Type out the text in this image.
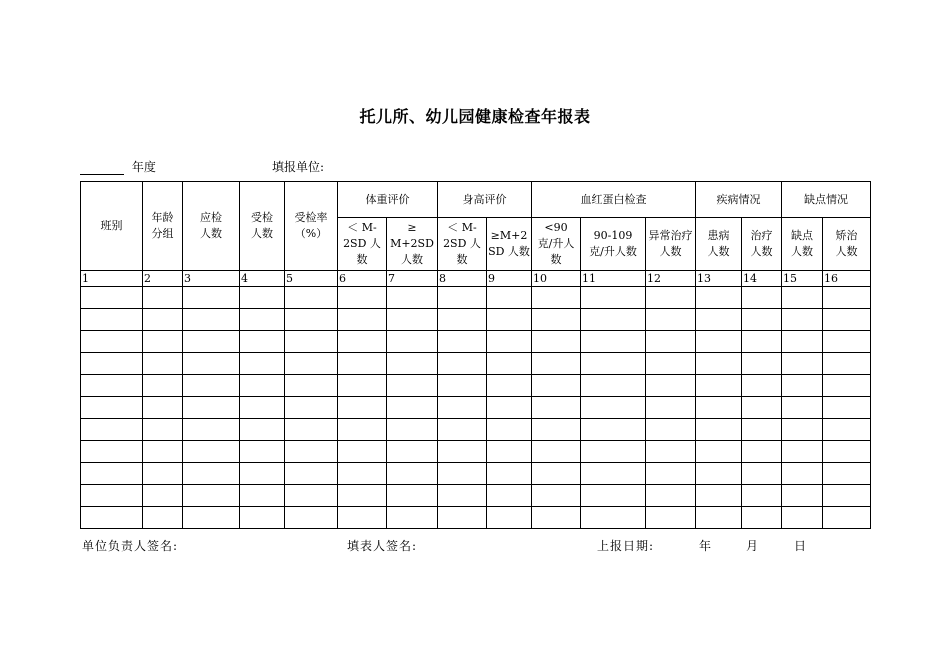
托儿所、幼儿园健康检查年报表
年度	填报单位:
班别	年龄分组	应检人数	受检人数	受检率（%）	体重评价		身高评价		血红蛋白检查			疾病情况		缺点情况	
					＜ M-2SD 人数	≥ M+2SD 人数	＜ M-2SD 人数	≥M+2SD 人数	<90 克/升人数	90-109 克/升人数	异常治疗人数	患病人数	治疗人数	缺点人数	矫治人数
1	2	3	4	5	6	7	8	9	10	11	12	13	14	15	16

单位负责人签名:	填表人签名:	上报日期:	年	月	日
